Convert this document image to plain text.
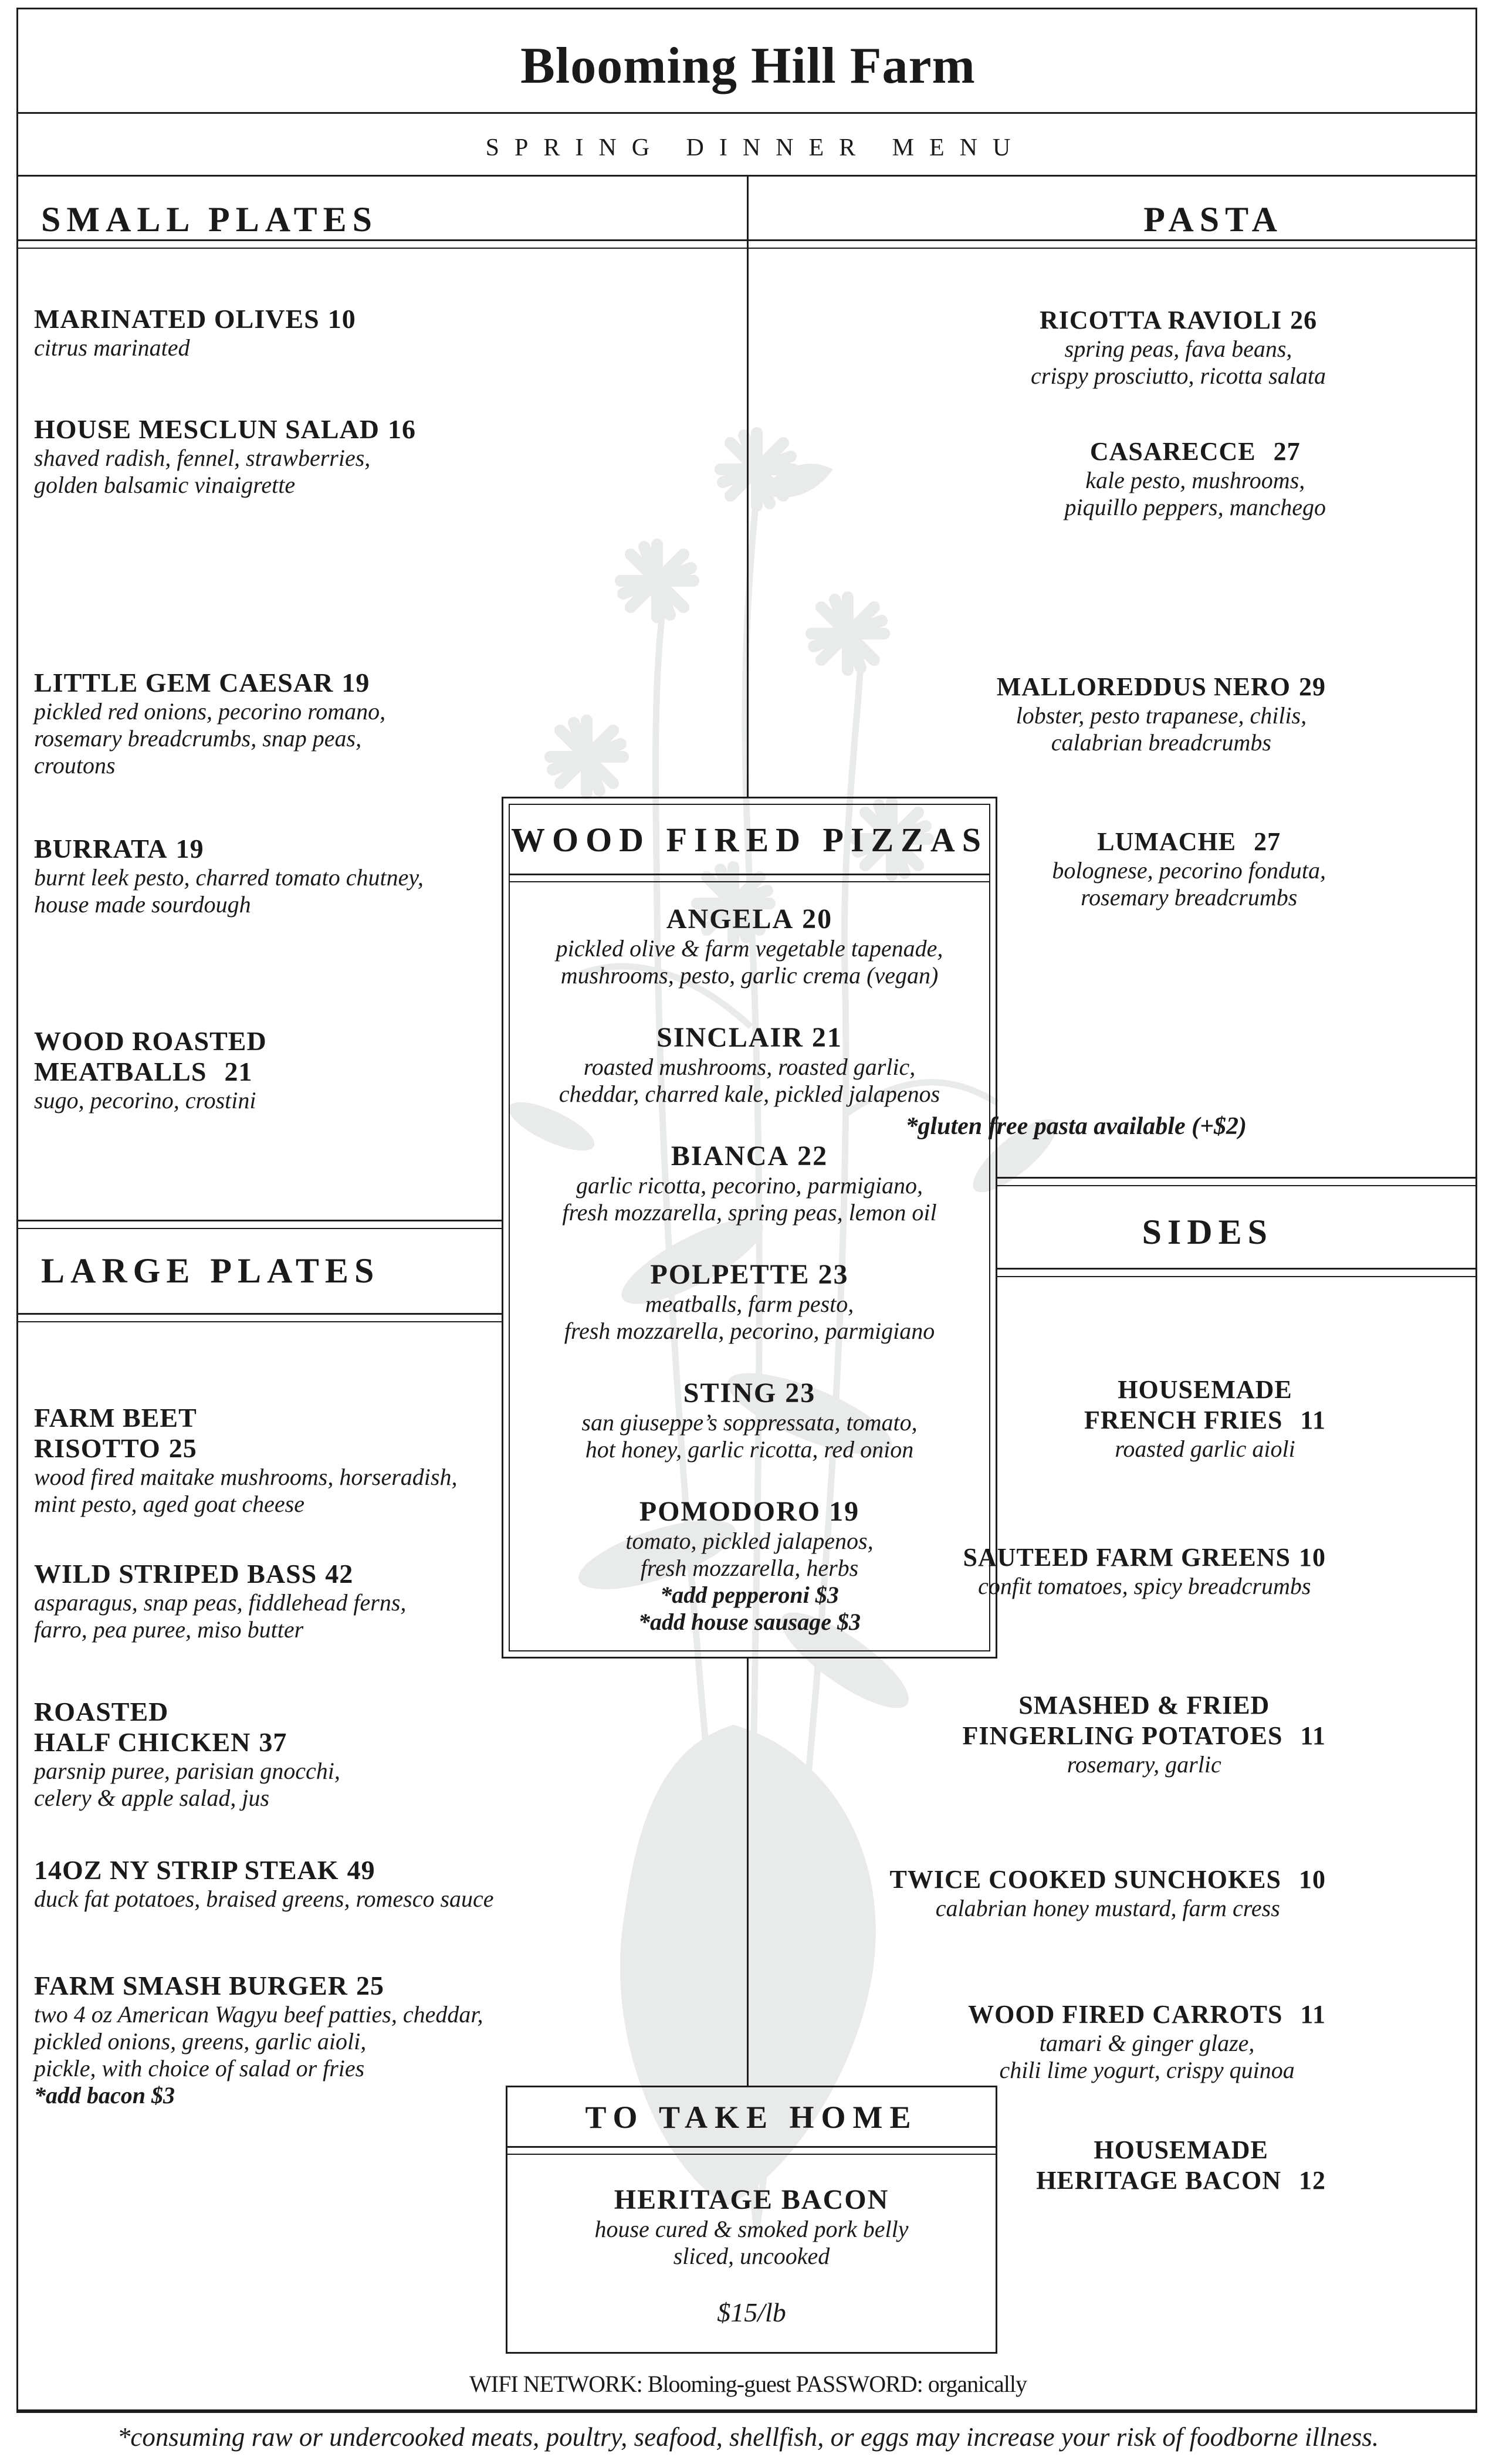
Blooming Hill Farm
SPRING DINNER MENU
SMALL PLATES	PASTA
LARGE PLATES
SIDES
MARINATED OLIVES 10
citrus marinated
HOUSE MESCLUN SALAD 16
shaved radish, fennel, strawberries,
golden balsamic vinaigrette
LITTLE GEM CAESAR 19
pickled red onions, pecorino romano,
rosemary breadcrumbs, snap peas,
croutons
BURRATA 19
burnt leek pesto, charred tomato chutney,
house made sourdough
WOOD ROASTED
MEATBALLS 21
sugo, pecorino, crostini
RICOTTA RAVIOLI 26
spring peas, fava beans,
crispy prosciutto, ricotta salata
CASARECCE 27
kale pesto, mushrooms,
piquillo peppers, manchego
MALLOREDDUS NERO 29
lobster, pesto trapanese, chilis,
calabrian breadcrumbs
LUMACHE 27
bolognese, pecorino fonduta,
rosemary breadcrumbs
*gluten free pasta available (+$2)
WOOD FIRED PIZZAS
ANGELA 20
pickled olive & farm vegetable tapenade,
mushrooms, pesto, garlic crema (vegan)
SINCLAIR 21
roasted mushrooms, roasted garlic,
cheddar, charred kale, pickled jalapenos
BIANCA 22
garlic ricotta, pecorino, parmigiano,
fresh mozzarella, spring peas, lemon oil
POLPETTE 23
meatballs, farm pesto,
fresh mozzarella, pecorino, parmigiano
STING 23
san giuseppe’s soppressata, tomato,
hot honey, garlic ricotta, red onion
POMODORO 19
tomato, pickled jalapenos,
fresh mozzarella, herbs
*add pepperoni $3
*add house sausage $3
FARM BEET
RISOTTO 25
wood fired maitake mushrooms, horseradish,
mint pesto, aged goat cheese
WILD STRIPED BASS 42
asparagus, snap peas, fiddlehead ferns,
farro, pea puree, miso butter
ROASTED
HALF CHICKEN 37
parsnip puree, parisian gnocchi,
celery & apple salad, jus
14OZ NY STRIP STEAK 49
duck fat potatoes, braised greens, romesco sauce
FARM SMASH BURGER 25
two 4 oz American Wagyu beef patties, cheddar,
pickled onions, greens, garlic aioli,
pickle, with choice of salad or fries
*add bacon $3
HOUSEMADE
FRENCH FRIES 11
roasted garlic aioli
SAUTEED FARM GREENS 10
confit tomatoes, spicy breadcrumbs
SMASHED & FRIED
FINGERLING POTATOES 11
rosemary, garlic
TWICE COOKED SUNCHOKES 10
calabrian honey mustard, farm cress
WOOD FIRED CARROTS 11
tamari & ginger glaze,
chili lime yogurt, crispy quinoa
HOUSEMADE
HERITAGE BACON 12
TO TAKE HOME
HERITAGE BACON
house cured & smoked pork belly
sliced, uncooked
$15/lb
WIFI NETWORK: Blooming-guest PASSWORD: organically
*consuming raw or undercooked meats, poultry, seafood, shellfish, or eggs may increase your risk of foodborne illness.
